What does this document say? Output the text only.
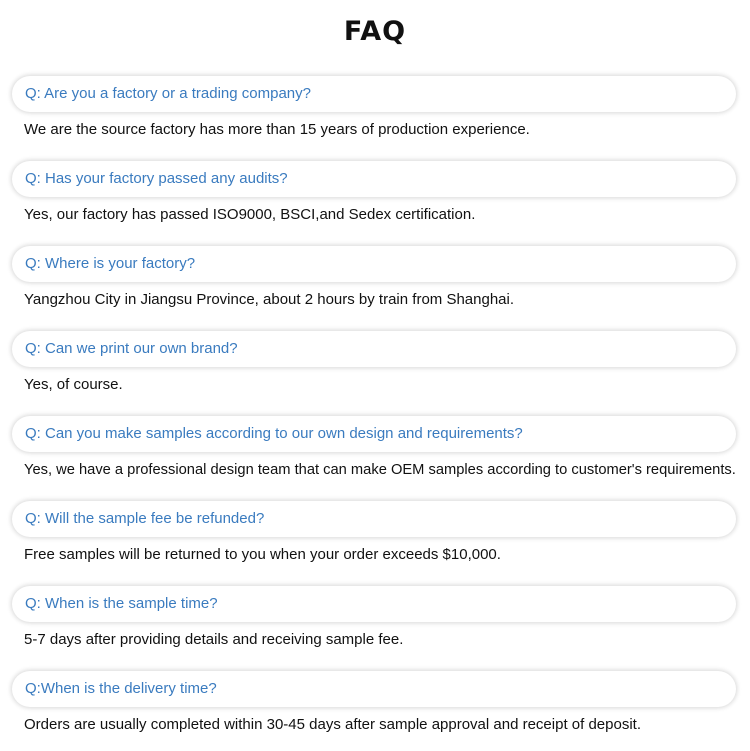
FAQ
Q: Are you a factory or a trading company?
We are the source factory has more than 15 years of production experience.
Q: Has your factory passed any audits?
Yes, our factory has passed ISO9000, BSCI,and Sedex certification.
Q: Where is your factory?
Yangzhou City in Jiangsu Province, about 2 hours by train from Shanghai.
Q: Can we print our own brand?
Yes, of course.
Q: Can you make samples according to our own design and requirements?
Yes, we have a professional design team that can make OEM samples according to customer's requirements.
Q: Will the sample fee be refunded?
Free samples will be returned to you when your order exceeds $10,000.
Q: When is the sample time?
5-7 days after providing details and receiving sample fee.
Q:When is the delivery time?
Orders are usually completed within 30-45 days after sample approval and receipt of deposit.
